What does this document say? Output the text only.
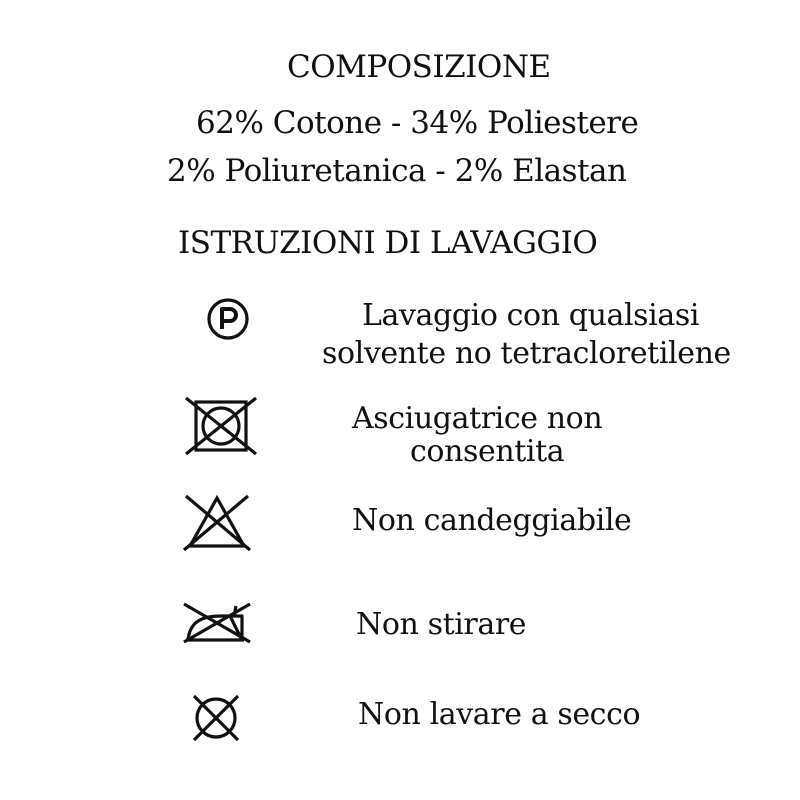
COMPOSIZIONE
62% Cotone - 34% Poliestere
2% Poliuretanica - 2% Elastan
ISTRUZIONI DI LAVAGGIO
Lavaggio con qualsiasi
solvente no tetracloretilene
Asciugatrice non
consentita
Non candeggiabile
Non stirare
Non lavare a secco
